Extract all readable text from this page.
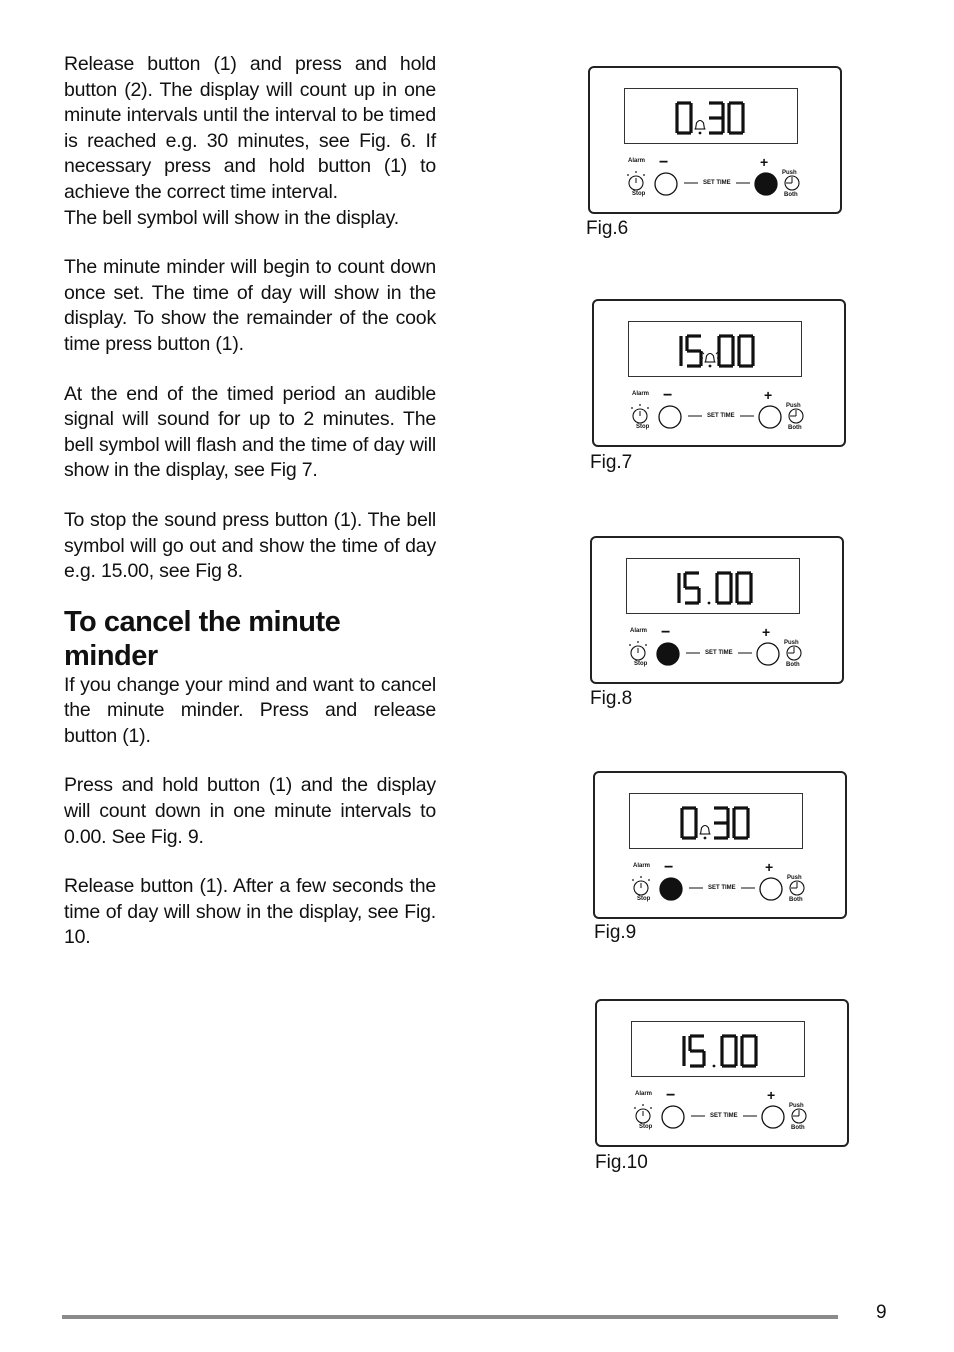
Release button (1) and press and hold button (2). The display will count up in one minute intervals until the interval to be timed is reached e.g. 30 minutes, see Fig. 6. If necessary press and hold button (1) to achieve the correct time interval.

The bell symbol will show in the display.

The minute minder will begin to count down once set. The time of day will show in the display. To show the remainder of the cook time press button (1).

At the end of the timed period an audible signal will sound for up to 2 minutes. The bell symbol will flash and the time of day will show in the display, see Fig 7.

To stop the sound press button (1). The bell symbol will go out and show the time of day e.g. 15.00, see Fig 8.

To cancel the minute minder

If you change your mind and want to cancel the minute minder. Press and release button (1).

Press and hold button (1) and the display will count down in one minute intervals to 0.00. See Fig. 9.

Release button (1). After a few seconds the time of day will show in the display, see Fig. 10.

Alarm
Stop
SET TIME
Push
Both
−	+
Fig.6
Alarm
Stop
SET TIME
Push
Both
−	+
Fig.7
Alarm
Stop
SET TIME
Push
Both
−	+
Fig.8
Alarm
Stop
SET TIME
Push
Both
−	+
Fig.9
Alarm
Stop
SET TIME
Push
Both
−	+
Fig.10
9
